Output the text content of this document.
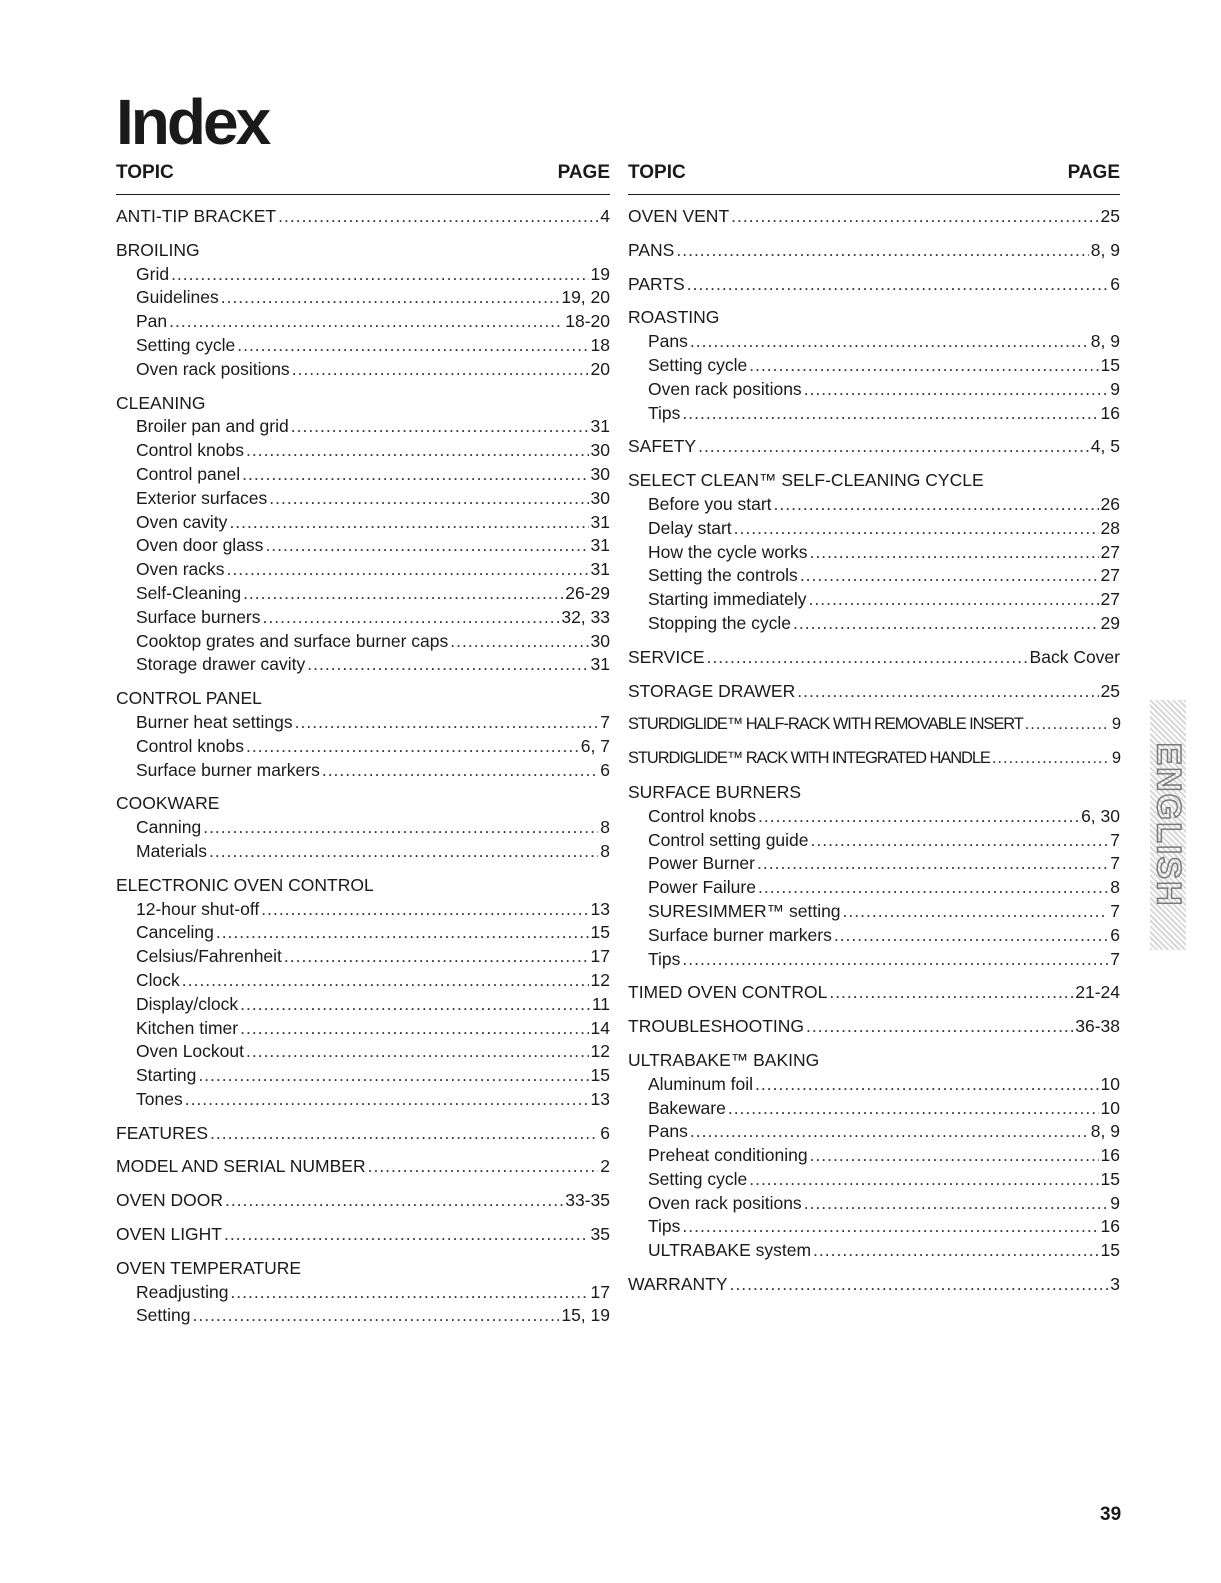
Index
TOPIC	PAGE
ANTI-TIP BRACKET .....	4
BROILING
Grid .....	19
Guidelines .....	19, 20
Pan .....	18-20
Setting cycle .....	18
Oven rack positions .....	20
CLEANING
Broiler pan and grid .....	31
Control knobs .....	30
Control panel .....	30
Exterior surfaces .....	30
Oven cavity .....	31
Oven door glass .....	31
Oven racks .....	31
Self-Cleaning .....	26-29
Surface burners .....	32, 33
Cooktop grates and surface burner caps .....	30
Storage drawer cavity .....	31
CONTROL PANEL
Burner heat settings .....	7
Control knobs .....	6, 7
Surface burner markers .....	6
COOKWARE
Canning .....	8
Materials .....	8
ELECTRONIC OVEN CONTROL
12-hour shut-off .....	13
Canceling .....	15
Celsius/Fahrenheit .....	17
Clock .....	12
Display/clock .....	11
Kitchen timer .....	14
Oven Lockout .....	12
Starting .....	15
Tones .....	13
FEATURES .....	6
MODEL AND SERIAL NUMBER .....	2
OVEN DOOR .....	33-35
OVEN LIGHT .....	35
OVEN TEMPERATURE
Readjusting .....	17
Setting .....	15, 19
TOPIC	PAGE
OVEN VENT .....	25
PANS .....	8, 9
PARTS .....	6
ROASTING
Pans .....	8, 9
Setting cycle .....	15
Oven rack positions .....	9
Tips .....	16
SAFETY .....	4, 5
SELECT CLEAN™ SELF-CLEANING CYCLE
Before you start .....	26
Delay start .....	28
How the cycle works .....	27
Setting the controls .....	27
Starting immediately .....	27
Stopping the cycle .....	29
SERVICE .....	Back Cover
STORAGE DRAWER .....	25
STURDIGLIDE™ HALF-RACK WITH REMOVABLE INSERT .....	9
STURDIGLIDE™ RACK WITH INTEGRATED HANDLE .....	9
SURFACE BURNERS
Control knobs .....	6, 30
Control setting guide .....	7
Power Burner .....	7
Power Failure .....	8
SURESIMMER™ setting .....	7
Surface burner markers .....	6
Tips .....	7
TIMED OVEN CONTROL .....	21-24
TROUBLESHOOTING .....	36-38
ULTRABAKE™ BAKING
Aluminum foil .....	10
Bakeware .....	10
Pans .....	8, 9
Preheat conditioning .....	16
Setting cycle .....	15
Oven rack positions .....	9
Tips .....	16
ULTRABAKE system .....	15
WARRANTY .....	3
ENGLISH
39
